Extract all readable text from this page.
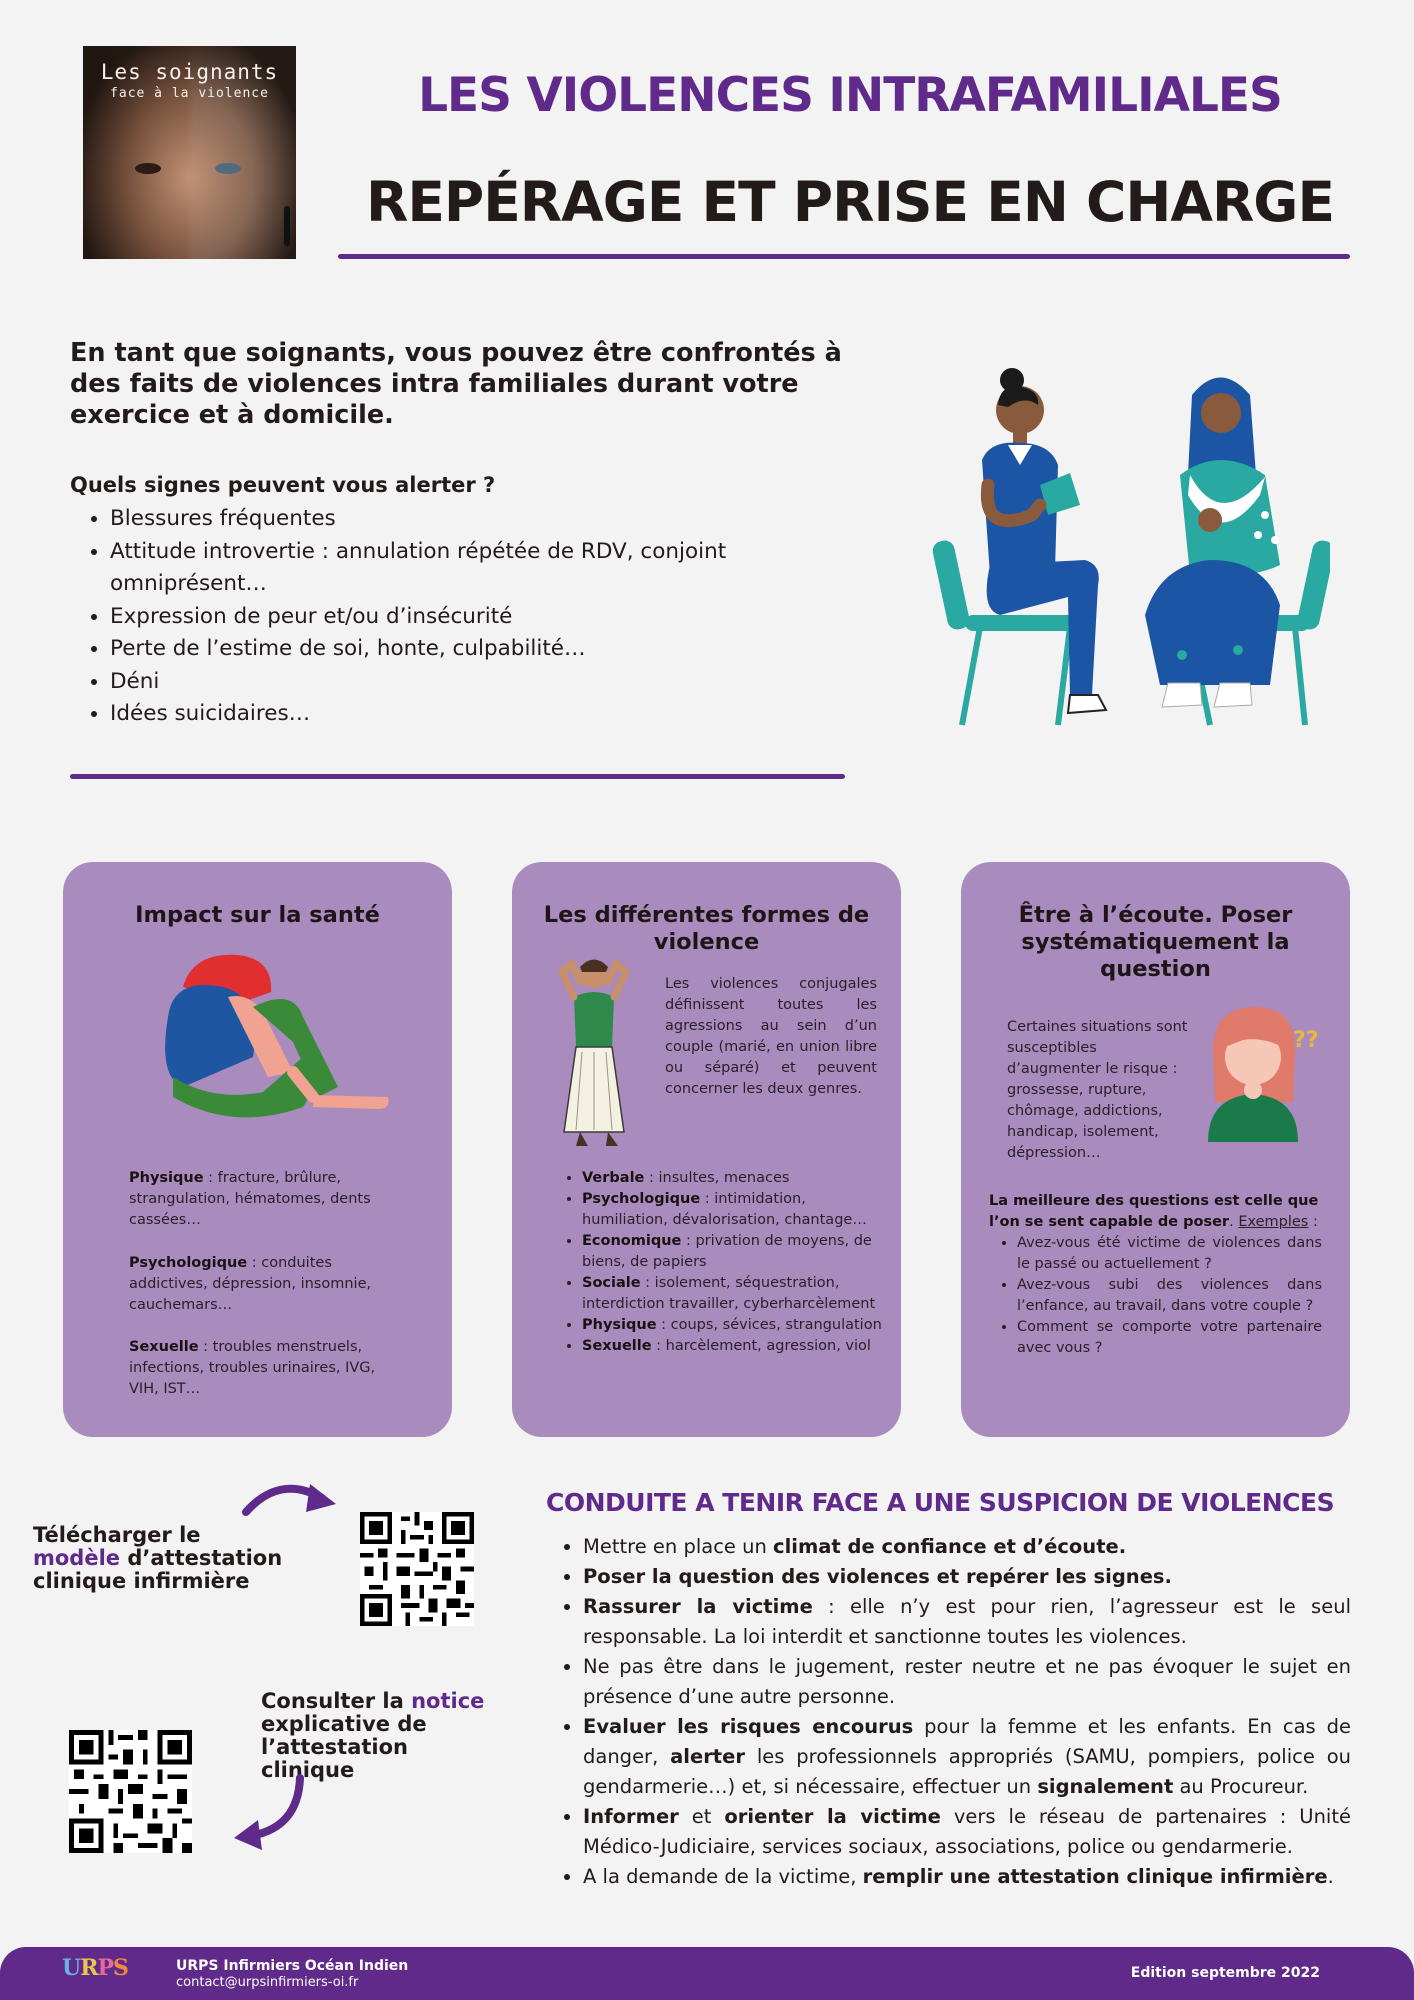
Les soignants
face à la violence	LES VIOLENCES INTRAFAMILIALES
REPÉRAGE ET PRISE EN CHARGE

En tant que soignants, vous pouvez être confrontés à des faits de violences intra familiales durant votre exercice et à domicile.

Quels signes peuvent vous alerter ?

• Blessures fréquentes
• Attitude introvertie : annulation répétée de RDV, conjoint omniprésent…
• Expression de peur et/ou d’insécurité
• Perte de l’estime de soi, honte, culpabilité…
• Déni
• Idées suicidaires…
Impact sur la santé
Physique : fracture, brûlure, strangulation, hématomes, dents cassées…
Psychologique : conduites addictives, dépression, insomnie, cauchemars…
Sexuelle : troubles menstruels, infections, troubles urinaires, IVG, VIH, IST…
Les différentes formes de violence
Les violences conjugales définissent toutes les agressions au sein d’un couple (marié, en union libre ou séparé) et peuvent concerner les deux genres.
• Verbale : insultes, menaces
• Psychologique : intimidation, humiliation, dévalorisation, chantage…
• Economique : privation de moyens, de biens, de papiers
• Sociale : isolement, séquestration, interdiction travailler, cyberharcèlement
• Physique : coups, sévices, strangulation
• Sexuelle : harcèlement, agression, viol
Être à l’écoute. Poser systématiquement la question
Certaines situations sont susceptibles d’augmenter le risque : grossesse, rupture, chômage, addictions, handicap, isolement, dépression…
??
La meilleure des questions est celle que l’on se sent capable de poser. Exemples :
• Avez-vous été victime de violences dans le passé ou actuellement ?
• Avez-vous subi des violences dans l’enfance, au travail, dans votre couple ?
• Comment se comporte votre partenaire avec vous ?
Télécharger le
modèle d’attestation clinique infirmière
Consulter la notice
explicative de l’attestation clinique
CONDUITE A TENIR FACE A UNE SUSPICION DE VIOLENCES
• Mettre en place un climat de confiance et d’écoute.
• Poser la question des violences et repérer les signes.
• Rassurer la victime : elle n’y est pour rien, l’agresseur est le seul responsable. La loi interdit et sanctionne toutes les violences.
• Ne pas être dans le jugement, rester neutre et ne pas évoquer le sujet en présence d’une autre personne.
• Evaluer les risques encourus pour la femme et les enfants. En cas de danger, alerter les professionnels appropriés (SAMU, pompiers, police ou gendarmerie…) et, si nécessaire, effectuer un signalement au Procureur.
• Informer et orienter la victime vers le réseau de partenaires : Unité Médico-Judiciaire, services sociaux, associations, police ou gendarmerie.
• A la demande de la victime, remplir une attestation clinique infirmière.
URPS	URPS Infirmiers Océan Indien
contact@urpsinfirmiers-oi.fr
Edition septembre 2022
